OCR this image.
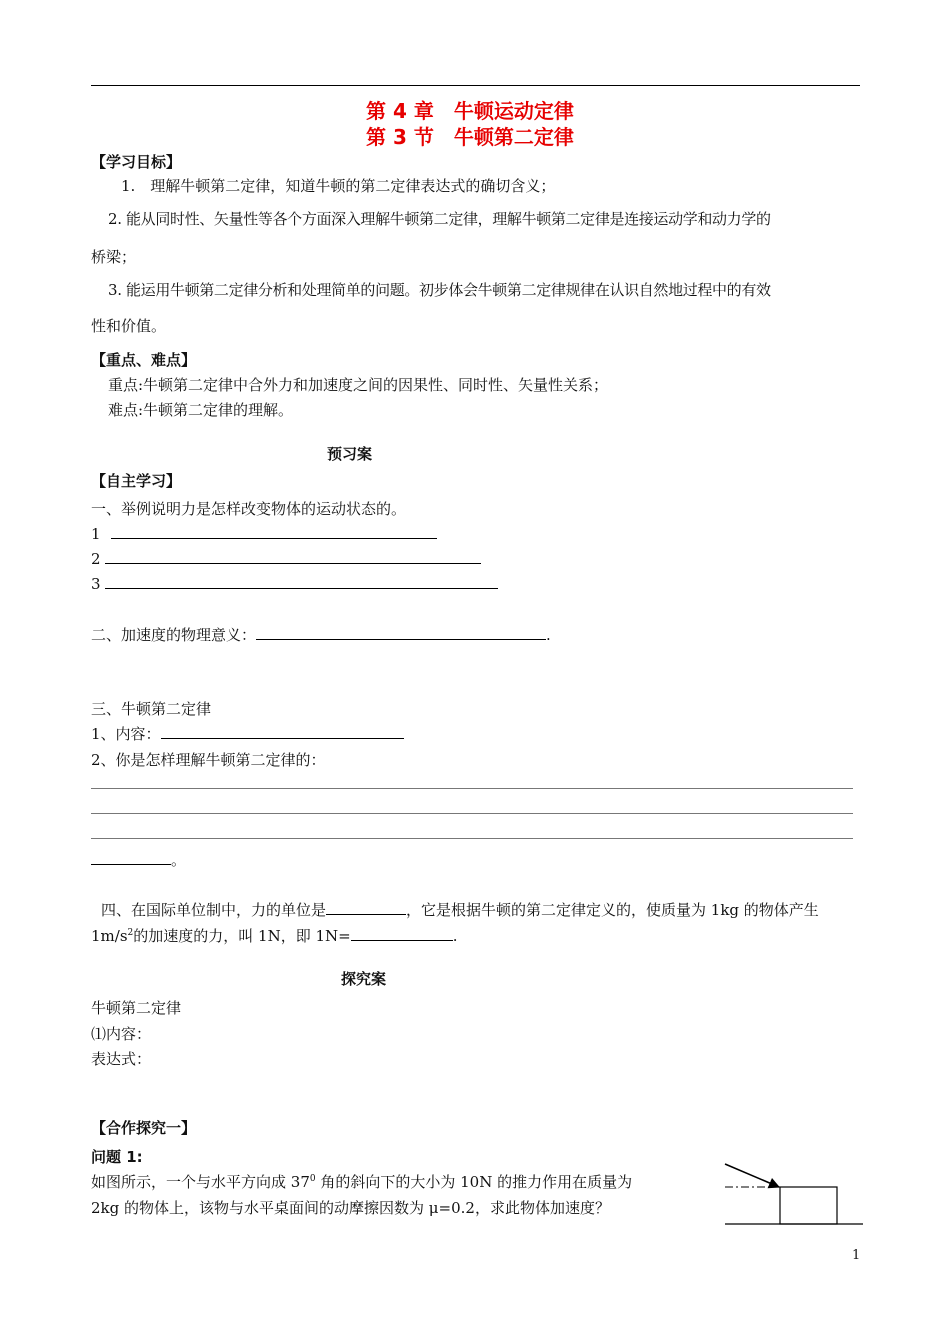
第 4 章　牛顿运动定律
第 3 节　牛顿第二定律
【学习目标】
1.　理解牛顿第二定律，知道牛顿的第二定律表达式的确切含义；
2. 能从同时性、矢量性等各个方面深入理解牛顿第二定律，理解牛顿第二定律是连接运动学和动力学的
桥梁；
3. 能运用牛顿第二定律分析和处理简单的问题。初步体会牛顿第二定律规律在认识自然地过程中的有效
性和价值。
【重点、难点】
重点:牛顿第二定律中合外力和加速度之间的因果性、同时性、矢量性关系；
难点:牛顿第二定律的理解。
预习案
【自主学习】
一、举例说明力是怎样改变物体的运动状态的。
1
2
3
二、加速度的物理意义：	.
三、牛顿第二定律
1、内容：
2、你是怎样理解牛顿第二定律的：
。
四、在国际单位制中，力的单位是	，它是根据牛顿的第二定律定义的，使质量为 1kg 的物体产生
$1m/s^2$的加速度的力，叫 1N，即 1N=	.
探究案
牛顿第二定律
⑴内容：
表达式：
【合作探究一】
问题 1:
如图所示，一个与水平方向成 $37^0$ 角的斜向下的大小为 10N 的推力作用在质量为
2kg 的物体上，该物与水平桌面间的动摩擦因数为 μ=0.2，求此物体加速度？
1
